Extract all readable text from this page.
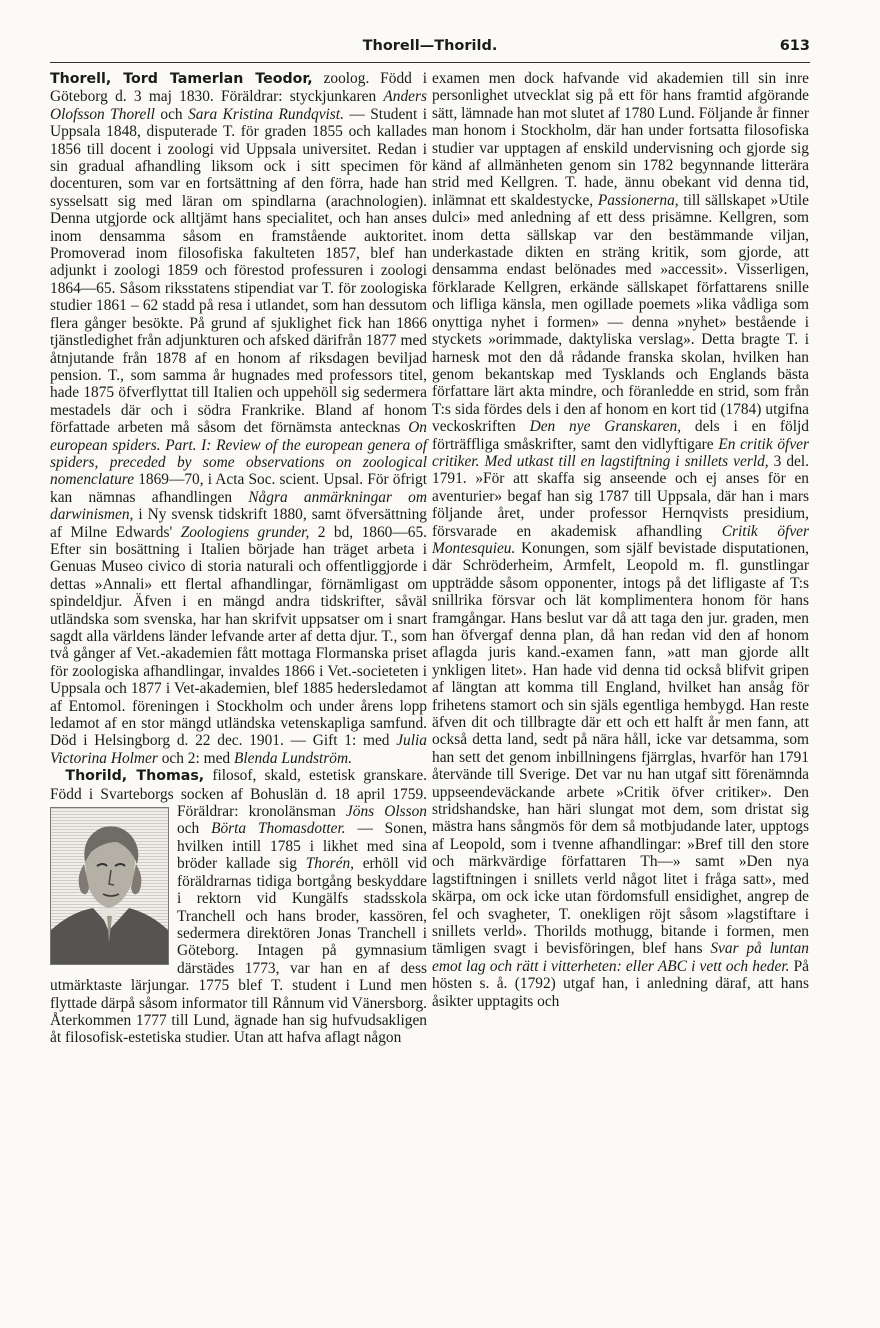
Thorell—Thorild.	613

Thorell, Tord Tamerlan Teodor, zoolog. Född i Göteborg d. 3 maj 1830. Föräldrar: styckjunkaren Anders Olofsson Thorell och Sara Kristina Rundqvist. — Student i Uppsala 1848, disputerade T. för graden 1855 och kallades 1856 till docent i zoologi vid Uppsala universitet. Redan i sin gradual afhandling liksom ock i sitt specimen för docenturen, som var en fortsättning af den förra, hade han sysselsatt sig med läran om spindlarna (arachnologien). Denna utgjorde ock alltjämt hans specialitet, och han anses inom densamma såsom en framstående auktoritet. Promoverad inom filosofiska fakulteten 1857, blef han adjunkt i zoologi 1859 och förestod professuren i zoologi 1864—65. Såsom riksstatens stipendiat var T. för zoologiska studier 1861 – 62 stadd på resa i utlandet, som han dessutom flera gånger besökte. På grund af sjuklighet fick han 1866 tjänstledighet från adjunkturen och afsked därifrån 1877 med åtnjutande från 1878 af en honom af riksdagen beviljad pension. T., som samma år hugnades med professors titel, hade 1875 öfverflyttat till Italien och uppehöll sig sedermera mestadels där och i södra Frankrike. Bland af honom författade arbeten må såsom det förnämsta antecknas On european spiders. Part. I: Review of the european genera of spiders, preceded by some observations on zoological nomenclature 1869—70, i Acta Soc. scient. Upsal. För öfrigt kan nämnas afhandlingen Några anmärkningar om darwinismen, i Ny svensk tidskrift 1880, samt öfversättning af Milne Edwards' Zoologiens grunder, 2 bd, 1860—65. Efter sin bosättning i Italien började han träget arbeta i Genuas Museo civico di storia naturali och offentliggjorde i dettas »Annali» ett flertal afhandlingar, förnämligast om spindeldjur. Äfven i en mängd andra tidskrifter, såväl utländska som svenska, har han skrifvit uppsatser om i snart sagdt alla världens länder lefvande arter af detta djur. T., som två gånger af Vet.-akademien fått mottaga Flormanska priset för zoologiska afhandlingar, invaldes 1866 i Vet.-societeten i Uppsala och 1877 i Vet-akademien, blef 1885 hedersledamot af Entomol. föreningen i Stockholm och under årens lopp ledamot af en stor mängd utländska vetenskapliga samfund. Död i Helsingborg d. 22 dec. 1901. — Gift 1: med Julia Victorina Holmer och 2: med Blenda Lundström.

Thorild, Thomas, filosof, skald, estetisk granskare. Född i Svarteborgs socken af Bohuslän d. 18 april 1759. Föräldrar: kronolänsman
Jöns Olsson och Börta Thomasdotter. — Sonen, hvilken intill 1785 i likhet med sina bröder kallade sig Thorén, erhöll vid föräldrarnas tidiga bortgång beskyddare i rektorn vid Kungälfs stadsskola Tranchell och hans broder, kassören, sedermera direktören Jonas Tranchell i Göteborg. Intagen på gymnasium därstädes 1773, var han en af dess utmärktaste lärjungar. 1775 blef T. student i Lund men flyttade därpå såsom informator till Rånnum vid Vänersborg. Återkommen 1777 till Lund, ägnade han sig hufvudsakligen åt filosofisk-estetiska studier. Utan att hafva aflagt någon

examen men dock hafvande vid akademien till sin inre personlighet utvecklat sig på ett för hans framtid afgörande sätt, lämnade han mot slutet af 1780 Lund. Följande år finner man honom i Stockholm, där han under fortsatta filosofiska studier var upptagen af enskild undervisning och gjorde sig känd af allmänheten genom sin 1782 begynnande litterära strid med Kellgren. T. hade, ännu obekant vid denna tid, inlämnat ett skaldestycke, Passionerna, till sällskapet »Utile dulci» med anledning af ett dess prisämne. Kellgren, som inom detta sällskap var den bestämmande viljan, underkastade dikten en sträng kritik, som gjorde, att densamma endast belönades med »accessit». Visserligen, förklarade Kellgren, erkände sällskapet författarens snille och lifliga känsla, men ogillade poemets »lika vådliga som onyttiga nyhet i formen» — denna »nyhet» bestående i styckets »orimmade, daktyliska verslag». Detta bragte T. i harnesk mot den då rådande franska skolan, hvilken han genom bekantskap med Tysklands och Englands bästa författare lärt akta mindre, och föranledde en strid, som från T:s sida fördes dels i den af honom en kort tid (1784) utgifna veckoskriften Den nye Granskaren, dels i en följd förträffliga småskrifter, samt den vidlyftigare En critik öfver critiker. Med utkast till en lagstiftning i snillets verld, 3 del. 1791. »För att skaffa sig anseende och ej anses för en aventurier» begaf han sig 1787 till Uppsala, där han i mars följande året, under professor Hernqvists presidium, försvarade en akademisk afhandling Critik öfver Montesquieu. Konungen, som själf bevistade disputationen, där Schröderheim, Armfelt, Leopold m. fl. gunstlingar uppträdde såsom opponenter, intogs på det lifligaste af T:s snillrika försvar och lät komplimentera honom för hans framgångar. Hans beslut var då att taga den jur. graden, men han öfvergaf denna plan, då han redan vid den af honom aflagda juris kand.-examen fann, »att man gjorde allt ynkligen litet». Han hade vid denna tid också blifvit gripen af längtan att komma till England, hvilket han ansåg för frihetens stamort och sin själs egentliga hembygd. Han reste äfven dit och tillbragte där ett och ett halft år men fann, att också detta land, sedt på nära håll, icke var detsamma, som han sett det genom inbillningens fjärrglas, hvarför han 1791 återvände till Sverige. Det var nu han utgaf sitt förenämnda uppseendeväckande arbete »Critik öfver critiker». Den stridshandske, han häri slungat mot dem, som dristat sig mästra hans sångmös för dem så motbjudande later, upptogs af Leopold, som i tvenne afhandlingar: »Bref till den store och märkvärdige författaren Th—» samt »Den nya lagstiftningen i snillets verld något litet i fråga satt», med skärpa, om ock icke utan fördomsfull ensidighet, angrep de fel och svagheter, T. onekligen röjt såsom »lagstiftare i snillets verld». Thorilds mothugg, bitande i formen, men tämligen svagt i bevisföringen, blef hans Svar på luntan emot lag och rätt i vitterheten: eller ABC i vett och heder. På hösten s. å. (1792) utgaf han, i anledning däraf, att hans åsikter upptagits och
